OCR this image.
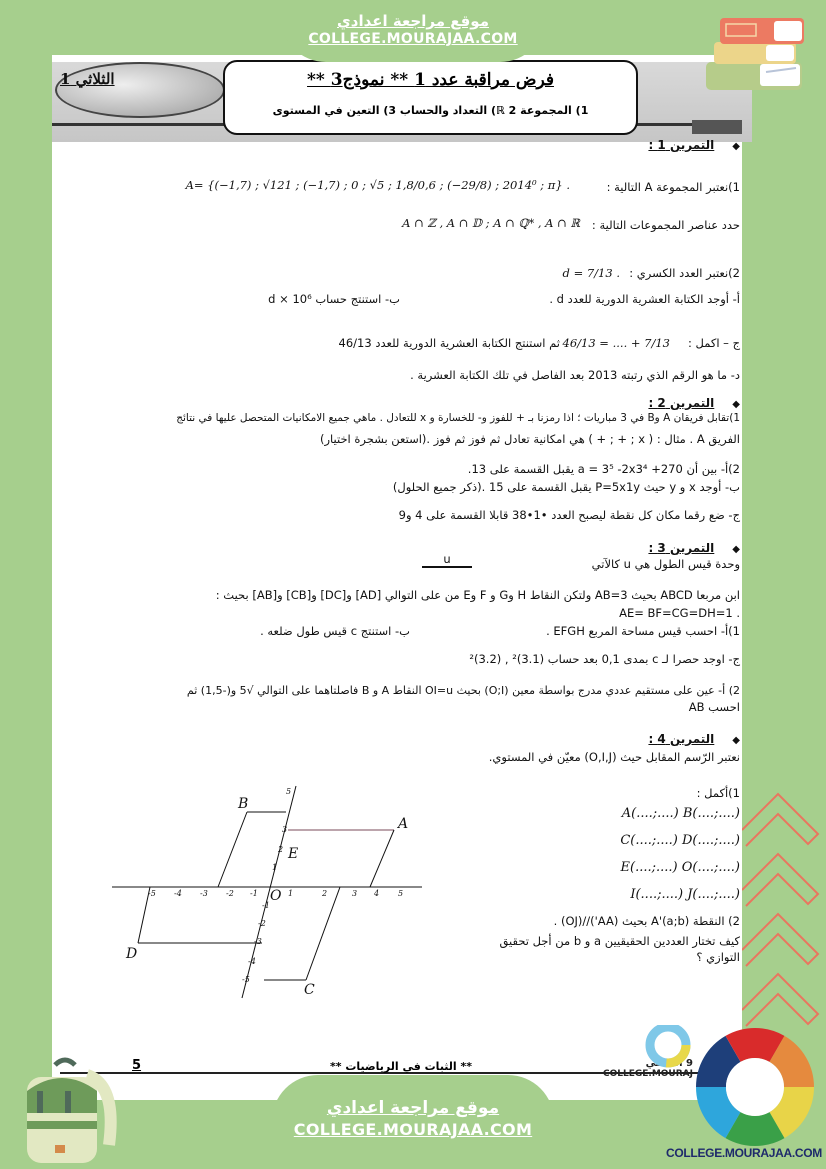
الثلاثي 1	فرض مراقبة عدد 1 ** نموذج3 **
1) المجموعة ℝ 2) التعداد والحساب 3) التعين في المستوى
موقع مراجعة اعدادي
COLLEGE.MOURAJAA.COM
◆التمرين 1 :
1)نعتبر المجموعة A التالية :
A= {(−1,7) ; √121 ; (−1,7) ; 0 ; √5 ; 1,8/0,6 ; (−29/8) ; 2014⁰ ; π} .
حدد عناصر المجموعات التالية :
A ∩ ℤ , A ∩ 𝔻 ; A ∩ ℚ* , A ∩ ℝ
2)نعتبر العدد الكسري :
d = 7/13 .
أ- أوجد الكتابة العشرية الدورية للعدد d .
ب- استنتج حساب 10⁶ × d
ج – اكمل :
46/13 = .... + 7/13
ثم استنتج الكتابة العشرية الدورية للعدد 46/13
د- ما هو الرقم الذي رتبته 2013 بعد الفاصل في تلك الكتابة العشرية .
◆التمرين 2 :
1)تقابل فريقان A وB في 3 مباريات ؛ اذا رمزنا بـ + للفوز و- للخسارة و x للتعادل . ماهي جميع الامكانيات المتحصل عليها في نتائج
الفريق A . مثال : ( x ; + ; + ) هي امكانية تعادل ثم فوز ثم فوز .(استعن بشجرة اختيار)
2)أ- بين أن a = 3⁵ -2x3⁴ +270 يقبل القسمة على 13.
ب- أوجد x و y حيث P=5x1y يقبل القسمة على 15 .(ذكر جميع الحلول)
ج- ضع رقما مكان كل نقطة ليصبح العدد •1•38 قابلا القسمة على 4 و9
◆التمرين 3 :
وحدة قيس الطول هي u كالآتي
u
ابن مربعا ABCD بحيث AB=3 ولتكن النقاط H وG و F وE من على التوالي [AD] و[DC] و[CB] و[AB] بحيث :
. AE= BF=CG=DH=1
1)أ- احسب قيس مساحة المربع EFGH .
ب- استنتج c قيس طول ضلعه .
ج- اوجد حصرا لـ c بمدى 0,1 بعد حساب (3.1)² , (3.2)²
2) أ- عين على مستقيم عددي مدرج بواسطة معين (O;I) بحيث OI=u النقاط A و B فاصلتاهما على التوالي √5 و(-1,5) ثم
احسب AB
◆التمرين 4 :
نعتبر الرّسم المقابل حيث (O,I,J) معيّن في المستوي.
1)أكمل :
A(....;....) B(....;....)
C(....;....) D(....;....)
E(....;....) O(....;....)
I(....;....) J(....;....)
2) النقطة A'(a;b) بحيث (AA')//(OJ) .
كيف تختار العددين الحقيقيين a و b من أجل تحقيق
التوازي ؟
B
A
E
O
D
C
-5 -4 -3 -2 -1	1	2	3 4 5
5
3
2
1
-1
-2
-3
-4
-5
5	** الثبات في الرياضيات **	9 أساسي
COLLEGE.MOURAJ
موقع مراجعة اعدادي
COLLEGE.MOURAJAA.COM
COLLEGE.MOURAJAA.COM
